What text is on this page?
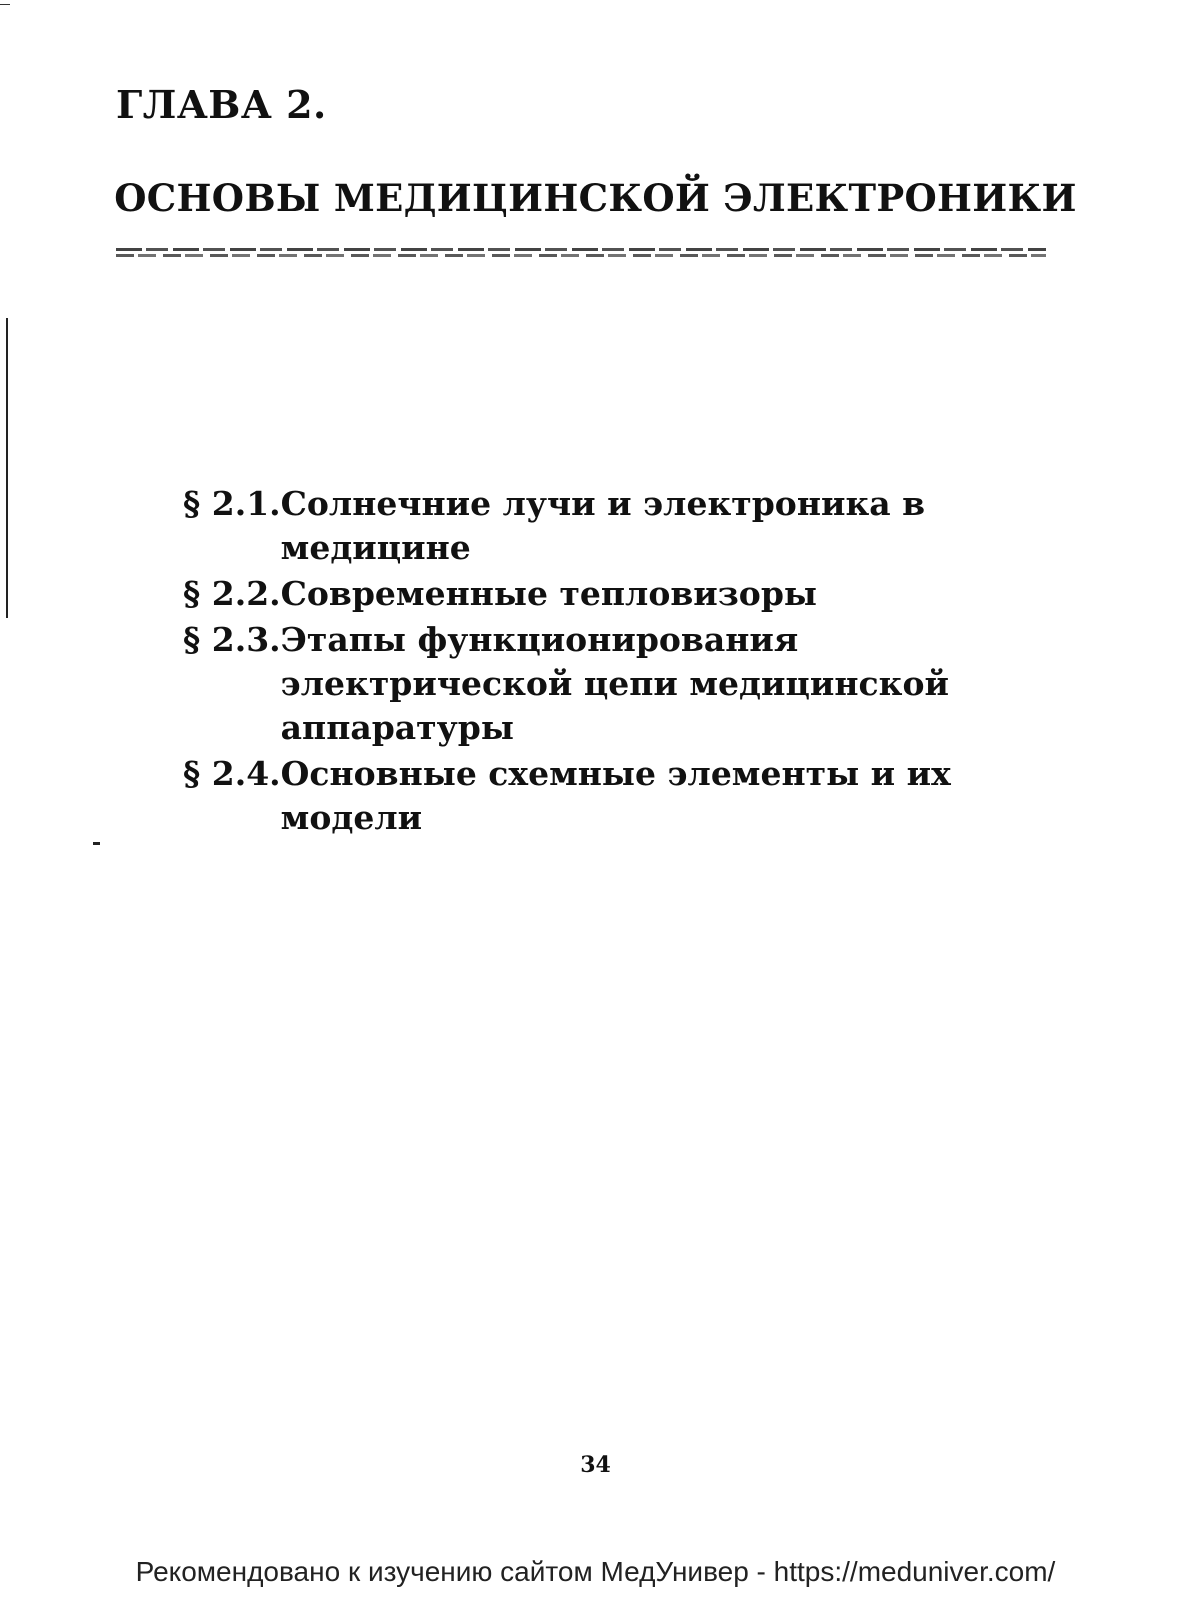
ГЛАВА 2.
ОСНОВЫ МЕДИЦИНСКОЙ ЭЛЕКТРОНИКИ
§ 2.1. Солнечние лучи и электроника в медицине
§ 2.2. Современные тепловизоры
§ 2.3. Этапы функционирования электрической цепи медицинской аппаратуры
§ 2.4. Основные схемные элементы и их модели
34
Рекомендовано к изучению сайтом МедУнивер - https://meduniver.com/
